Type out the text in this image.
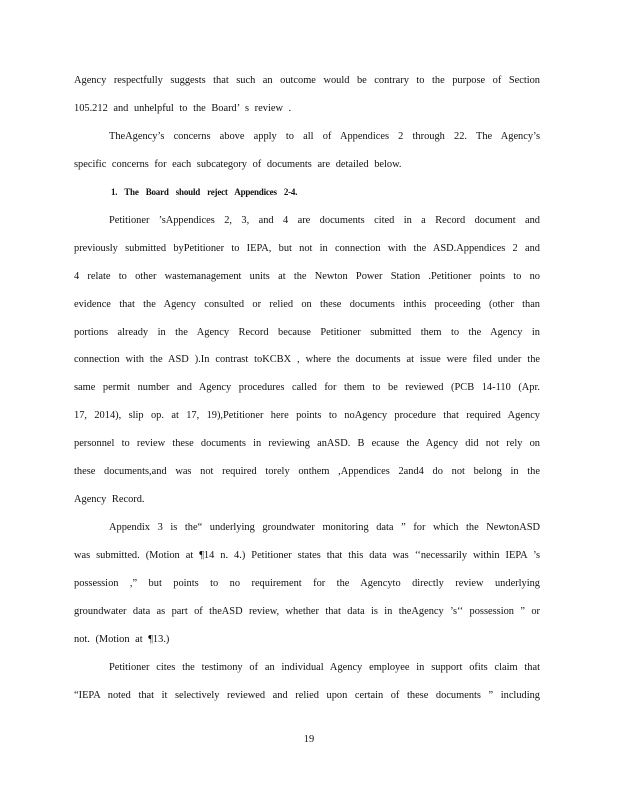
Agency respectfully suggests that such an outcome would be contrary to the purpose of Section
105.212 and unhelpful to the Board’ s review .
TheAgency’s concerns above apply to all of Appendices 2 through 22. The Agency’s
specific concerns for each subcategory of documents are detailed below.
1. The Board should reject Appendices 2-4.
Petitioner ’sAppendices 2, 3, and 4 are documents cited in a Record document and
previously submitted byPetitioner to IEPA, but not in connection with the ASD.Appendices 2 and
4 relate to other wastemanagement units at the Newton Power Station .Petitioner points to no
evidence that the Agency consulted or relied on these documents inthis proceeding (other than
portions already in the Agency Record because Petitioner submitted them to the Agency in
connection with the ASD ).In contrast toKCBX , where the documents at issue were filed under the
same permit number and Agency procedures called for them to be reviewed (PCB 14-110 (Apr.
17, 2014), slip op. at 17, 19),Petitioner here points to noAgency procedure that required Agency
personnel to review these documents in reviewing anASD. B ecause the Agency did not rely on
these documents,and was not required torely onthem ,Appendices 2and4 do not belong in the
Agency Record.
Appendix 3 is the“ underlying groundwater monitoring data ” for which the NewtonASD
was submitted. (Motion at ¶14 n. 4.) Petitioner states that this data was ‘‘necessarily within IEPA ’s
possession ,” but points to no requirement for the Agencyto directly review underlying
groundwater data as part of theASD review, whether that data is in theAgency ’s‘‘ possession ” or
not. (Motion at ¶13.)
Petitioner cites the testimony of an individual Agency employee in support ofits claim that
“IEPA noted that it selectively reviewed and relied upon certain of these documents ” including
19
